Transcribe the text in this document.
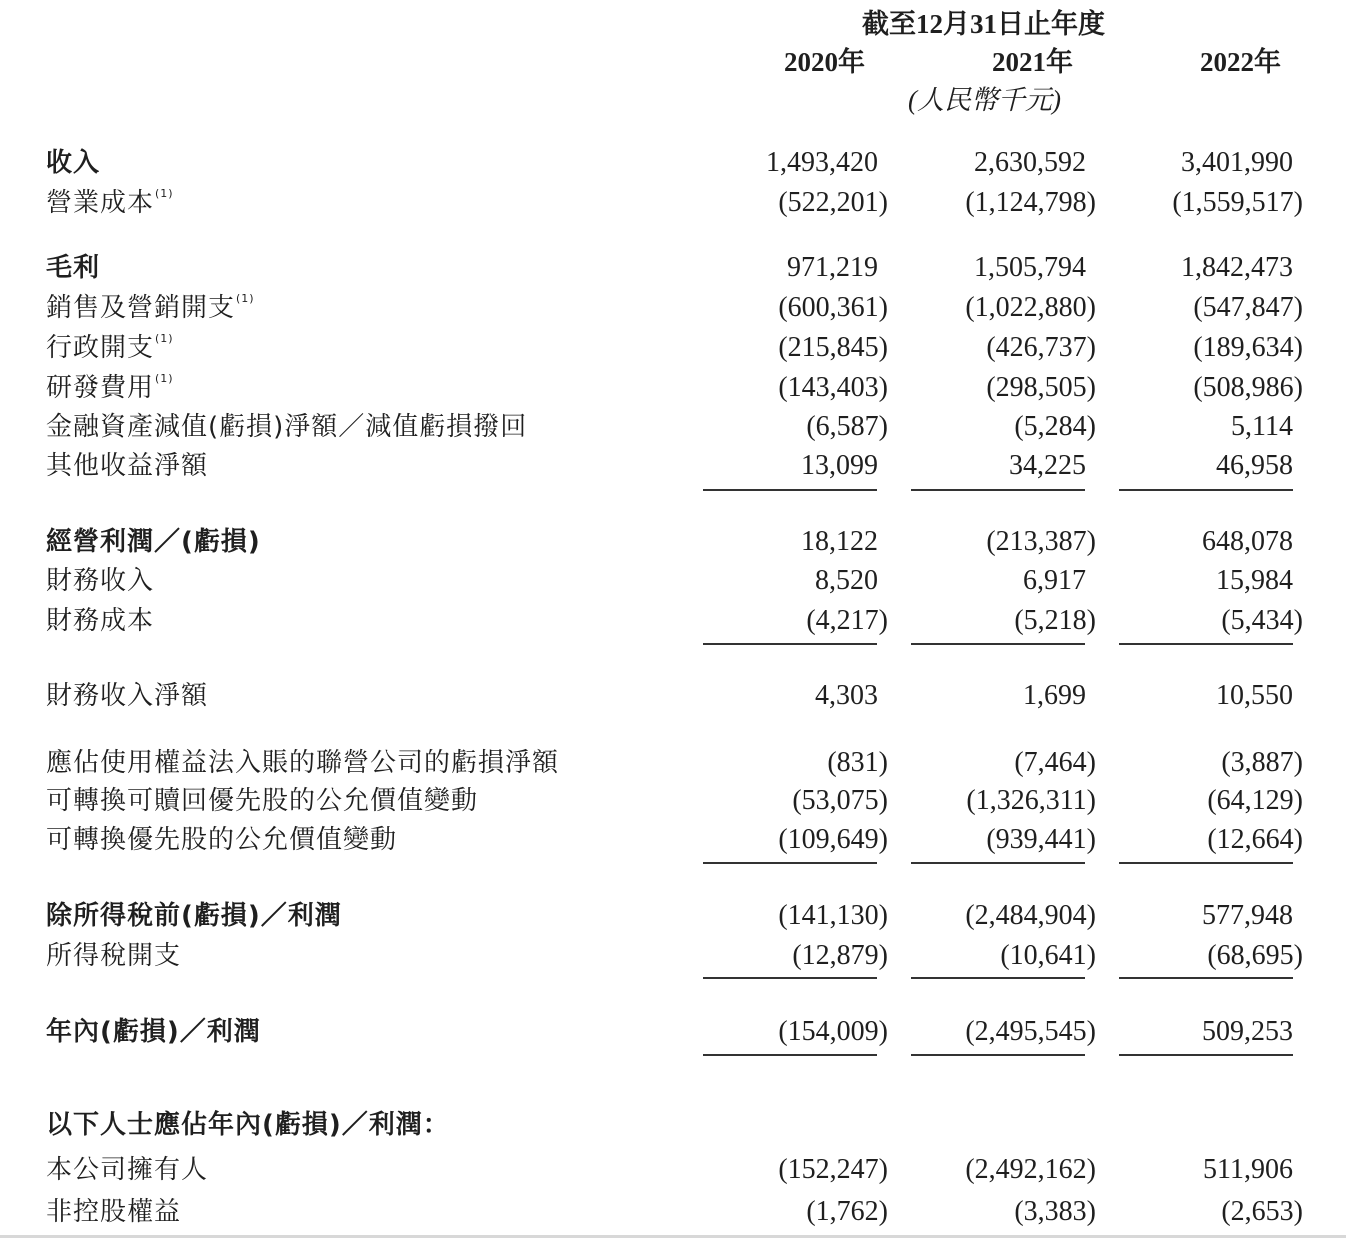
截至12月31日止年度
2020年	2021年	2022年
(人民幣千元)
收入	1,493,420	2,630,592	3,401,990
營業成本$^{(1)}$	(522,201)	(1,124,798)	(1,559,517)
毛利	971,219	1,505,794	1,842,473
銷售及營銷開支$^{(1)}$	(600,361)	(1,022,880)	(547,847)
行政開支$^{(1)}$	(215,845)	(426,737)	(189,634)
研發費用$^{(1)}$	(143,403)	(298,505)	(508,986)
金融資產減值(虧損)淨額／減值虧損撥回	(6,587)	(5,284)	5,114
其他收益淨額	13,099	34,225	46,958
經營利潤／(虧損)	18,122	(213,387)	648,078
財務收入	8,520	6,917	15,984
財務成本	(4,217)	(5,218)	(5,434)
財務收入淨額	4,303	1,699	10,550
應佔使用權益法入賬的聯營公司的虧損淨額	(831)	(7,464)	(3,887)
可轉換可贖回優先股的公允價值變動	(53,075)	(1,326,311)	(64,129)
可轉換優先股的公允價值變動	(109,649)	(939,441)	(12,664)
除所得稅前(虧損)／利潤	(141,130)	(2,484,904)	577,948
所得稅開支	(12,879)	(10,641)	(68,695)
年內(虧損)／利潤	(154,009)	(2,495,545)	509,253
以下人士應佔年內(虧損)／利潤：
本公司擁有人	(152,247)	(2,492,162)	511,906
非控股權益	(1,762)	(3,383)	(2,653)
